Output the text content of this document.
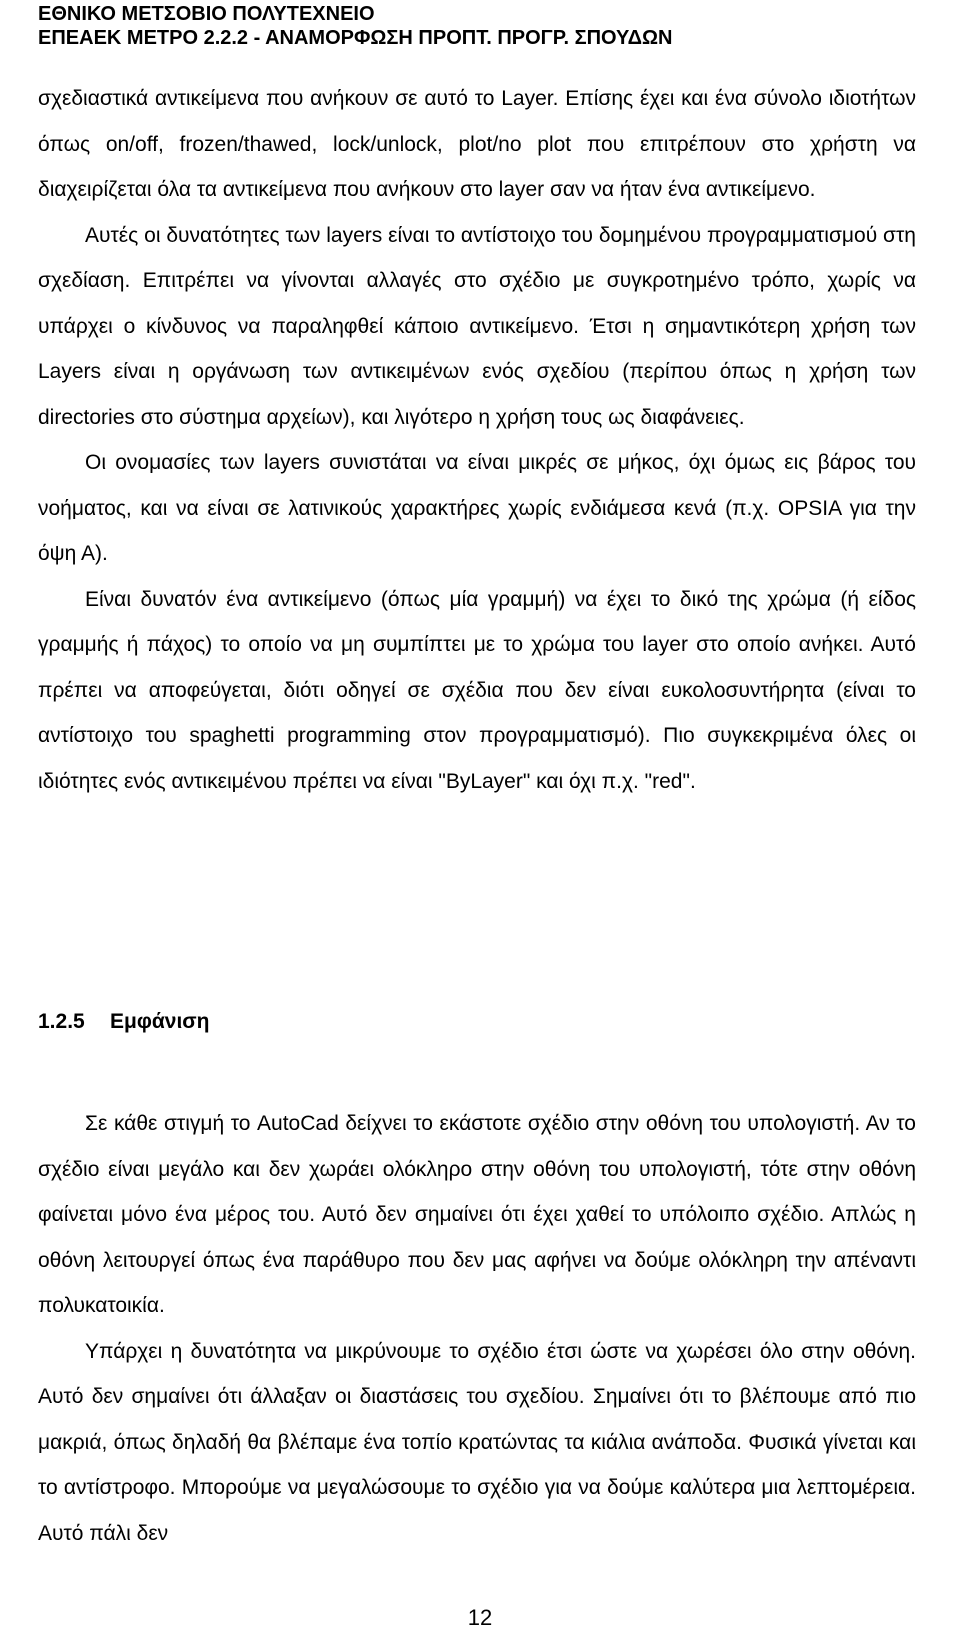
ΕΘΝΙΚΟ ΜΕΤΣΟΒΙΟ ΠΟΛΥΤΕΧΝΕΙΟ
ΕΠΕΑΕΚ ΜΕΤΡΟ 2.2.2 - ΑΝΑΜΟΡΦΩΣΗ ΠΡΟΠΤ. ΠΡΟΓΡ. ΣΠΟΥΔΩΝ

σχεδιαστικά αντικείμενα που ανήκουν σε αυτό το Layer. Επίσης έχει και ένα σύνολο ιδιοτήτων όπως on/off, frozen/thawed, lock/unlock, plot/no plot που επιτρέπουν στο χρήστη να διαχειρίζεται όλα τα αντικείμενα που ανήκουν στο layer σαν να ήταν ένα αντικείμενο.

Αυτές οι δυνατότητες των layers είναι το αντίστοιχο του δομημένου προγραμματισμού στη σχεδίαση. Επιτρέπει να γίνονται αλλαγές στο σχέδιο με συγκροτημένο τρόπο, χωρίς να υπάρχει ο κίνδυνος να παραληφθεί κάποιο αντικείμενο. Έτσι η σημαντικότερη χρήση των Layers είναι η οργάνωση των αντικειμένων ενός σχεδίου (περίπου όπως η χρήση των directories στο σύστημα αρχείων), και λιγότερο η χρήση τους ως διαφάνειες.

Οι ονομασίες των layers συνιστάται να είναι μικρές σε μήκος, όχι όμως εις βάρος του νοήματος, και να είναι σε λατινικούς χαρακτήρες χωρίς ενδιάμεσα κενά (π.χ. OPSIA για την όψη Α).

Είναι δυνατόν ένα αντικείμενο (όπως μία γραμμή) να έχει το δικό της χρώμα (ή είδος γραμμής ή πάχος) το οποίο να μη συμπίπτει με το χρώμα του layer στο οποίο ανήκει. Αυτό πρέπει να αποφεύγεται, διότι οδηγεί σε σχέδια που δεν είναι ευκολοσυντήρητα (είναι το αντίστοιχο του spaghetti programming στον προγραμματισμό). Πιο συγκεκριμένα όλες οι ιδιότητες ενός αντικειμένου πρέπει να είναι "ByLayer" και όχι π.χ. "red".

1.2.5 Εμφάνιση

Σε κάθε στιγμή το AutoCad δείχνει το εκάστοτε σχέδιο στην οθόνη του υπολογιστή. Αν το σχέδιο είναι μεγάλο και δεν χωράει ολόκληρο στην οθόνη του υπολογιστή, τότε στην οθόνη φαίνεται μόνο ένα μέρος του. Αυτό δεν σημαίνει ότι έχει χαθεί το υπόλοιπο σχέδιο. Απλώς η οθόνη λειτουργεί όπως ένα παράθυρο που δεν μας αφήνει να δούμε ολόκληρη την απέναντι πολυκατοικία.

Υπάρχει η δυνατότητα να μικρύνουμε το σχέδιο έτσι ώστε να χωρέσει όλο στην οθόνη. Αυτό δεν σημαίνει ότι άλλαξαν οι διαστάσεις του σχεδίου. Σημαίνει ότι το βλέπουμε από πιο μακριά, όπως δηλαδή θα βλέπαμε ένα τοπίο κρατώντας τα κιάλια ανάποδα. Φυσικά γίνεται και το αντίστροφο. Μπορούμε να μεγαλώσουμε το σχέδιο για να δούμε καλύτερα μια λεπτομέρεια. Αυτό πάλι δεν

12
